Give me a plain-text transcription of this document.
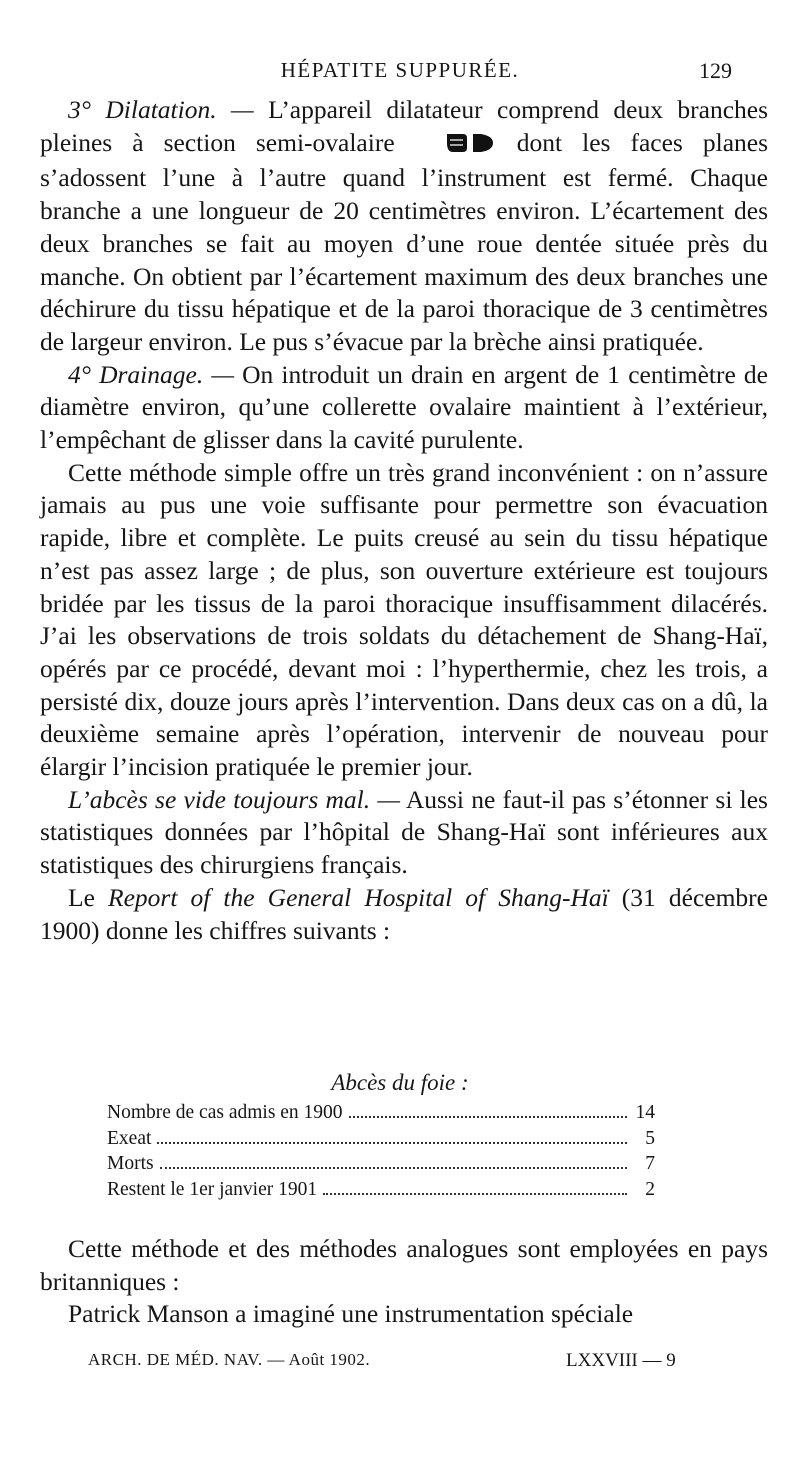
HÉPATITE SUPPURÉE.	129

3° Dilatation. — L’appareil dilatateur comprend deux branches pleines à section semi-ovalaire	dont les faces planes s’adossent l’une à l’autre quand l’instrument est fermé. Chaque branche a une longueur de 20 centimètres environ. L’écartement des deux branches se fait au moyen d’une roue dentée située près du manche. On obtient par l’écartement maximum des deux branches une déchirure du tissu hépatique et de la paroi thoracique de 3 centimètres de largeur environ. Le pus s’évacue par la brèche ainsi pratiquée.

4° Drainage. — On introduit un drain en argent de 1 centimètre de diamètre environ, qu’une collerette ovalaire maintient à l’extérieur, l’empêchant de glisser dans la cavité purulente.

Cette méthode simple offre un très grand inconvénient : on n’assure jamais au pus une voie suffisante pour permettre son évacuation rapide, libre et complète. Le puits creusé au sein du tissu hépatique n’est pas assez large ; de plus, son ouverture extérieure est toujours bridée par les tissus de la paroi thoracique insuffisamment dilacérés. J’ai les observations de trois soldats du détachement de Shang-Haï, opérés par ce procédé, devant moi : l’hyperthermie, chez les trois, a persisté dix, douze jours après l’intervention. Dans deux cas on a dû, la deuxième semaine après l’opération, intervenir de nouveau pour élargir l’incision pratiquée le premier jour.

L’abcès se vide toujours mal. — Aussi ne faut-il pas s’étonner si les statistiques données par l’hôpital de Shang-Haï sont inférieures aux statistiques des chirurgiens français.

Le Report of the General Hospital of Shang-Haï (31 décembre 1900) donne les chiffres suivants :

Abcès du foie :
Nombre de cas admis en 1900	14
Exeat	5
Morts	7
Restent le 1er janvier 1901	2

Cette méthode et des méthodes analogues sont employées en pays britanniques :

Patrick Manson a imaginé une instrumentation spéciale

ARCH. DE MÉD. NAV. — Août 1902.	LXXVIII — 9
